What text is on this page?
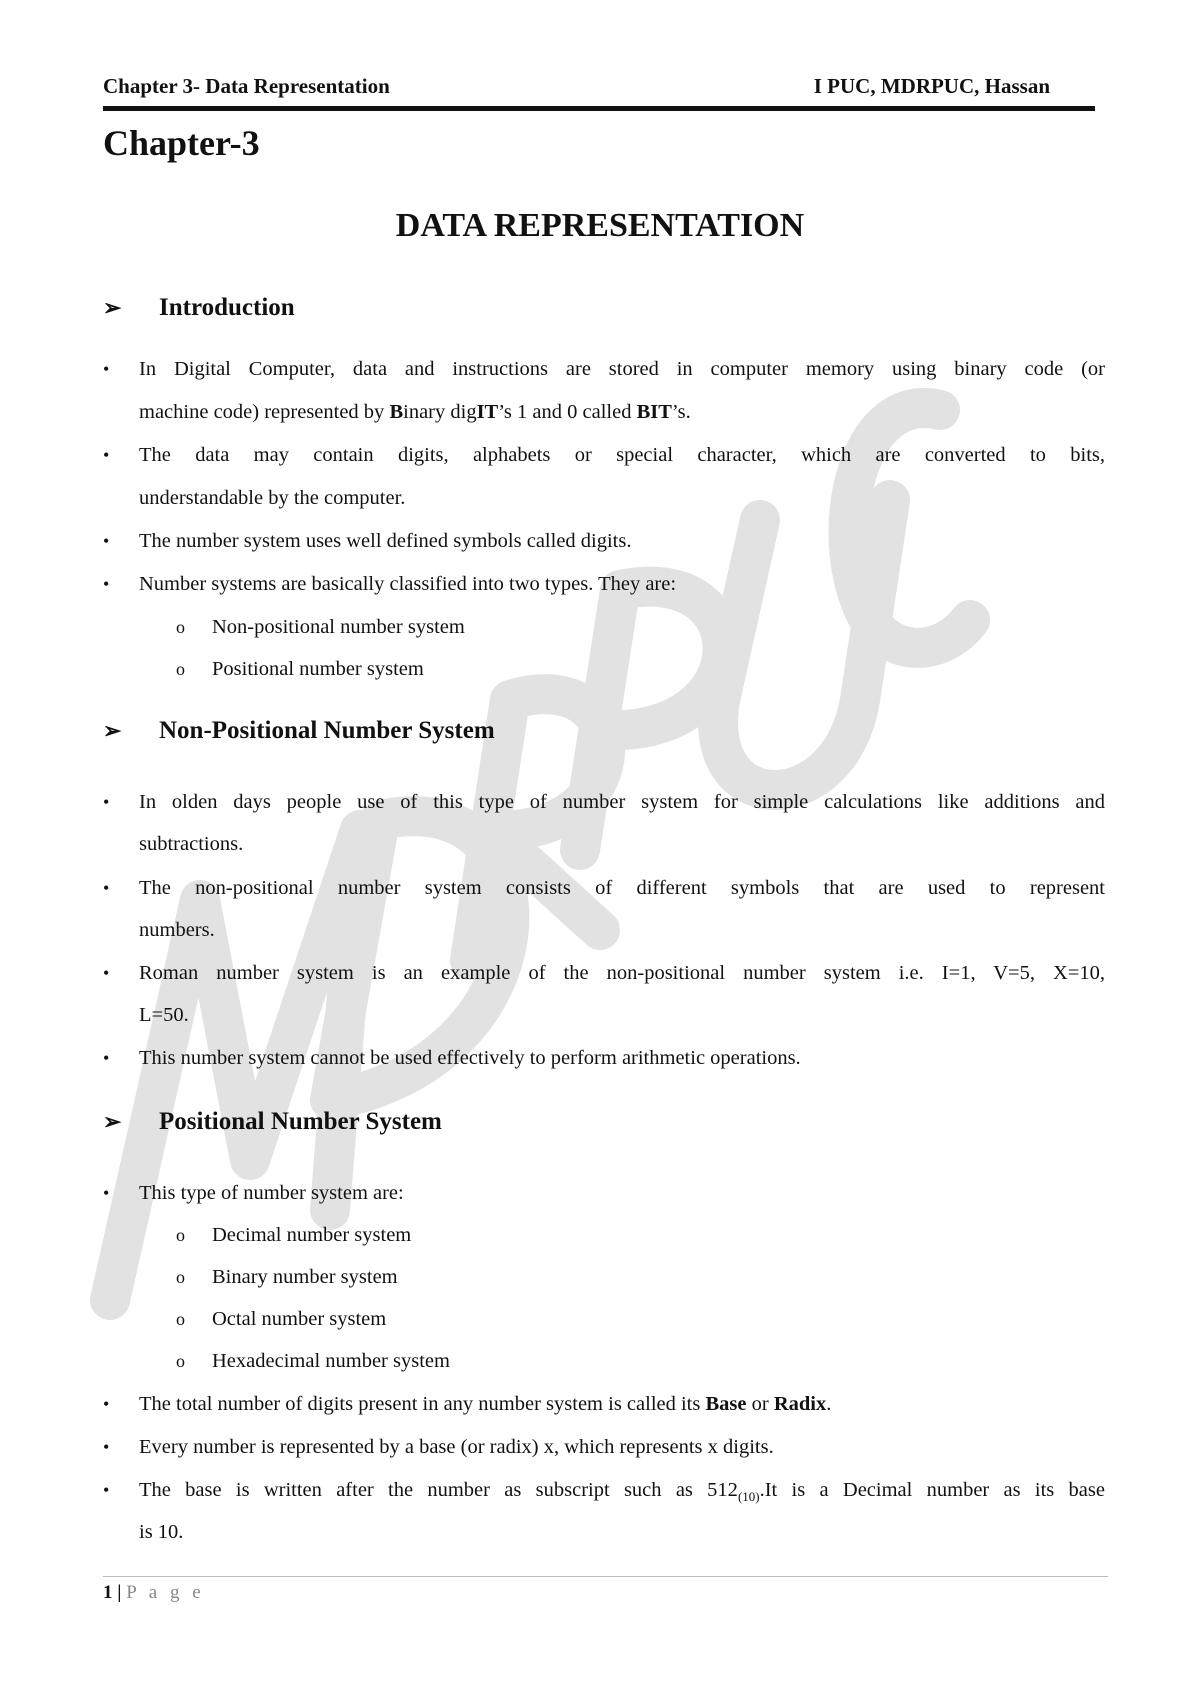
Chapter 3- Data Representation	I PUC, MDRPUC, Hassan
Chapter-3
DATA REPRESENTATION
➢ Introduction
•	In Digital Computer, data and instructions are stored in computer memory using binary code (or
machine code) represented by Binary digIT’s 1 and 0 called BIT’s.
•	The data may contain digits, alphabets or special character, which are converted to bits,
understandable by the computer.
•	The number system uses well defined symbols called digits.
•	Number systems are basically classified into two types. They are:
o Non-positional number system
o Positional number system
➢ Non-Positional Number System
•	In olden days people use of this type of number system for simple calculations like additions and
subtractions.
•	The non-positional number system consists of different symbols that are used to represent
numbers.
•	Roman number system is an example of the non-positional number system i.e. I=1, V=5, X=10,
L=50.
•	This number system cannot be used effectively to perform arithmetic operations.
➢ Positional Number System
•	This type of number system are:
o Decimal number system
o Binary number system
o Octal number system
o Hexadecimal number system
•	The total number of digits present in any number system is called its Base or Radix.
•	Every number is represented by a base (or radix) x, which represents x digits.
•	The base is written after the number as subscript such as $512_{(10)}.It$ is a Decimal number as its base
is 10.
1 | P a g e
